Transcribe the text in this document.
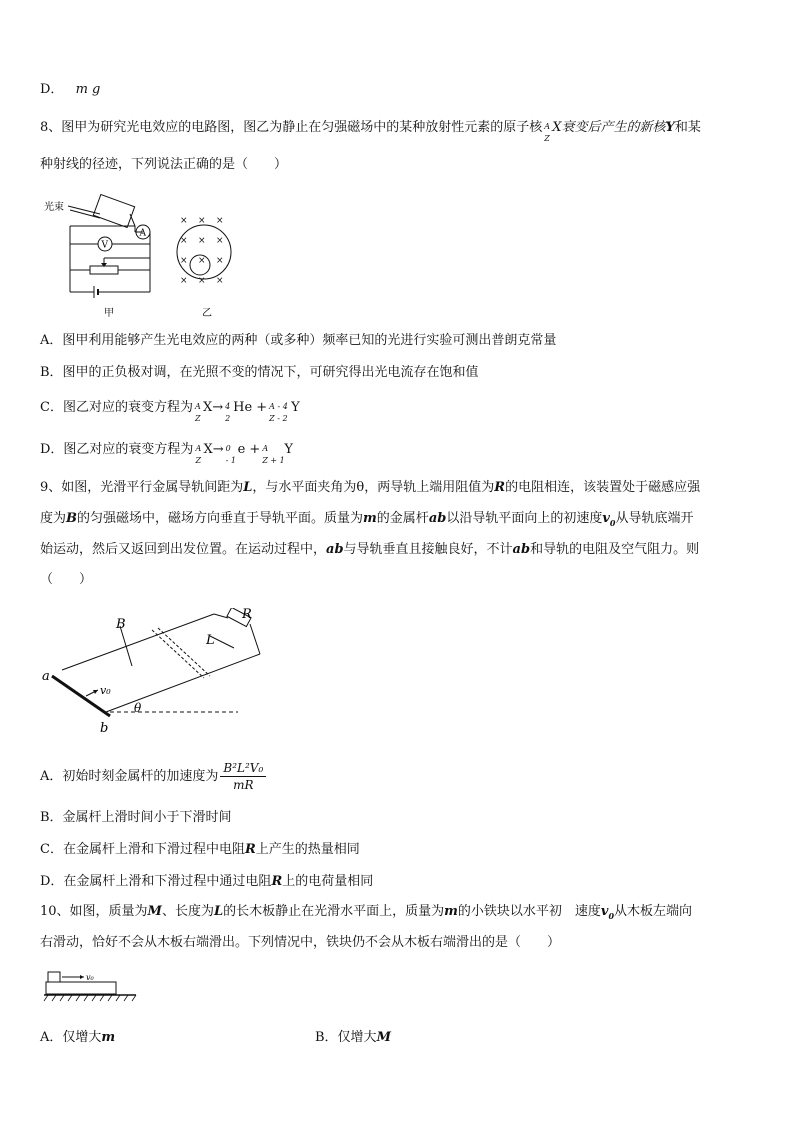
D． m g
8、图甲为研究光电效应的电路图，图乙为静止在匀强磁场中的某种放射性元素的原子核 A
Z
X衰变后产生的新核Y和某
种射线的径迹，下列说法正确的是（　　）
光束
A
V
甲
× × ×
× × ×
× × ×
× × ×
乙
A．图甲利用能够产生光电效应的两种（或多种）频率已知的光进行实验可测出普朗克常量
B．图甲的正负极对调，在光照不变的情况下，可研究得出光电流存在饱和值
C．图乙对应的衰变方程为 A
Z
X→ 4
2
He + A - 4
Z - 2
Y
D．图乙对应的衰变方程为 A
Z
X→ 0
- 1
e + A
Z + 1
Y
9、如图，光滑平行金属导轨间距为L，与水平面夹角为θ，两导轨上端用阻值为R的电阻相连，该装置处于磁感应强
度为B的匀强磁场中，磁场方向垂直于导轨平面。质量为m的金属杆ab以沿导轨平面向上的初速度$v_0$从导轨底端开
始运动，然后又返回到出发位置。在运动过程中，ab与导轨垂直且接触良好，不计ab和导轨的电阻及空气阻力。则
（　　）
R
a
b
v₀
θ
B
L
A．初始时刻金属杆的加速度为 $\frac{\text{B²L²V₀}}{mR}$
B．金属杆上滑时间小于下滑时间
C．在金属杆上滑和下滑过程中电阻R上产生的热量相同
D．在金属杆上滑和下滑过程中通过电阻R上的电荷量相同
10、如图，质量为M、长度为L的长木板静止在光滑水平面上，质量为m的小铁块以水平初　速度$v_0$从木板左端向
右滑动，恰好不会从木板右端滑出。下列情况中，铁块仍不会从木板右端滑出的是（　　）
v₀
A．仅增大m	B．仅增大M
